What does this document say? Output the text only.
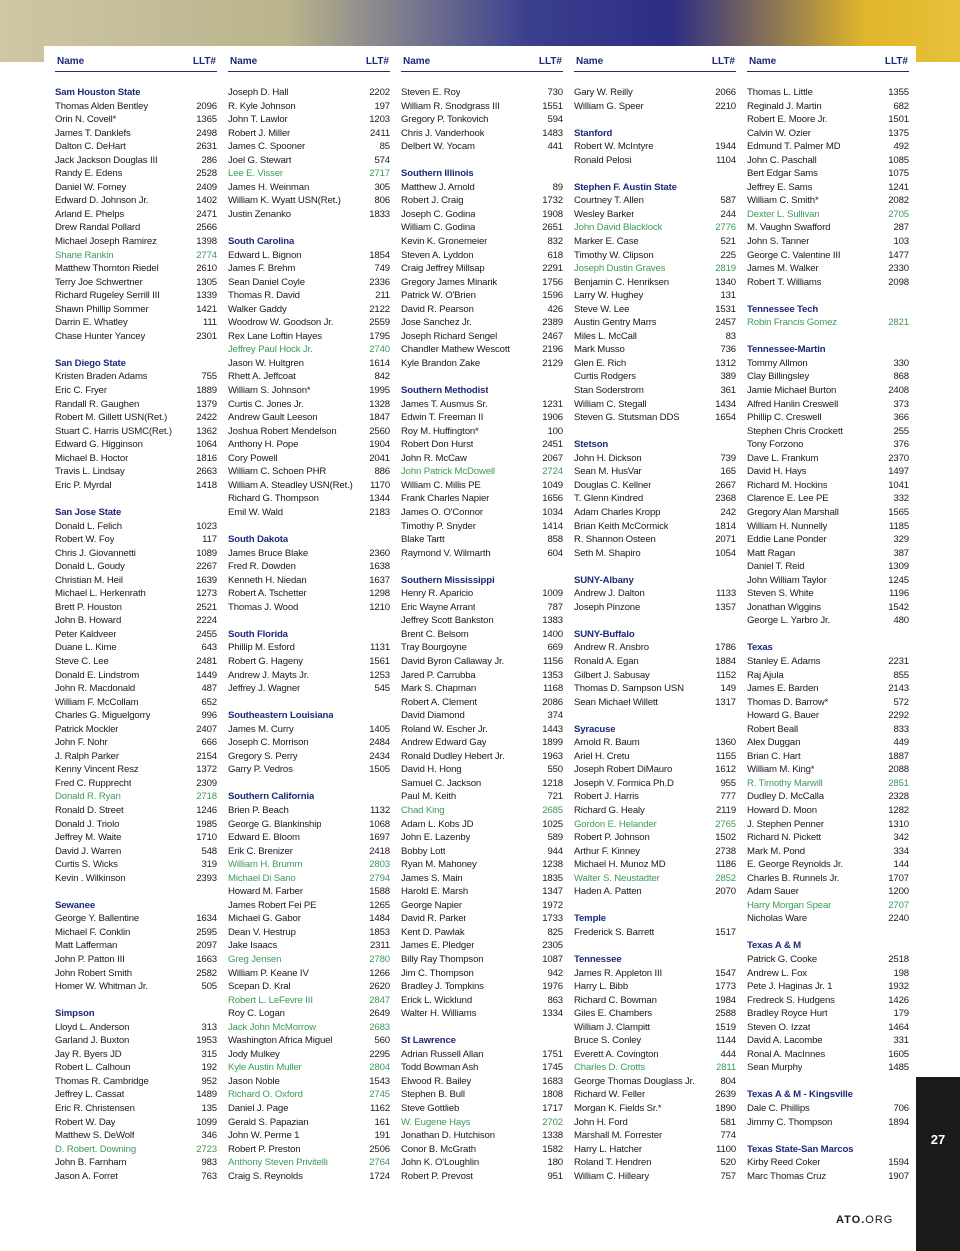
Name	LLT#
Sam Houston State
Thomas Alden Bentley	2096
Orin N. Covell*	1365
James T. Danklefs	2498
Dalton C. DeHart	2631
Jack Jackson Douglas III	286
Randy E. Edens	2528
Daniel W. Forney	2409
Edward D. Johnson Jr.	1402
Arland E. Phelps	2471
Drew Randal Pollard	2566
Michael Joseph Ramirez	1398
Shane Rankin	2774
Matthew Thornton Riedel	2610
Terry Joe Schwertner	1305
Richard Rugeley Serrill III	1339
Shawn Phillip Sommer	1421
Darrin E. Whatley	111
Chase Hunter Yancey	2301
San Diego State
Kristen Braden Adams	755
Eric C. Fryer	1889
Randall R. Gaughen	1379
Robert M. Gillett USN(Ret.)	2422
Stuart C. Harris USMC(Ret.)	1362
Edward G. Higginson	1064
Michael B. Hoctor	1816
Travis L. Lindsay	2663
Eric P. Myrdal	1418
San Jose State
Donald L. Felich	1023
Robert W. Foy	117
Chris J. Giovannetti	1089
Donald L. Goudy	2267
Christian M. Heil	1639
Michael L. Herkenrath	1273
Brett P. Houston	2521
John B. Howard	2224
Peter Kaldveer	2455
Duane L. Kime	643
Steve C. Lee	2481
Donald E. Lindstrom	1449
John R. Macdonald	487
William F. McCollam	652
Charles G. Miguelgorry	996
Patrick Mockler	2407
John F. Nohr	666
J. Ralph Parker	2154
Kenny Vincent Resz	1372
Fred C. Rupprecht	2309
Donald R. Ryan	2718
Ronald D. Street	1246
Donald J. Triolo	1985
Jeffrey M. Waite	1710
David J. Warren	548
Curtis S. Wicks	319
Kevin . Wilkinson	2393
Sewanee
George Y. Ballentine	1634
Michael F. Conklin	2595
Matt Lafferman	2097
John P. Patton III	1663
John Robert Smith	2582
Homer W. Whitman Jr.	505
Simpson
Lloyd L. Anderson	313
Garland J. Buxton	1953
Jay R. Byers JD	315
Robert L. Calhoun	192
Thomas R. Cambridge	952
Jeffrey L. Cassat	1489
Eric R. Christensen	135
Robert W. Day	1099
Matthew S. DeWolf	346
D. Robert. Downing	2723
John B. Farnham	983
Jason A. Forret	763
Name	LLT#
Joseph D. Hall	2202
R. Kyle Johnson	197
John T. Lawlor	1203
Robert J. Miller	2411
James C. Spooner	85
Joel G. Stewart	574
Lee E. Visser	2717
James H. Weinman	305
William K. Wyatt USN(Ret.)	806
Justin Zenanko	1833
South Carolina
Edward L. Bignon	1854
James F. Brehm	749
Sean Daniel Coyle	2336
Thomas R. David	211
Walker Gaddy	2122
Woodrow W. Goodson Jr.	2559
Rex Lane Loftin Hayes	1795
Jeffrey Paul Hock Jr.	2740
Jason W. Hultgren	1614
Rhett A. Jeffcoat	842
William S. Johnson*	1995
Curtis C. Jones Jr.	1328
Andrew Gault Leeson	1847
Joshua Robert Mendelson	2560
Anthony H. Pope	1904
Cory Powell	2041
William C. Schoen PHR	886
William A. Steadley USN(Ret.)	1170
Richard G. Thompson	1344
Emil W. Wald	2183
South Dakota
James Bruce Blake	2360
Fred R. Dowden	1638
Kenneth H. Niedan	1637
Robert A. Tschetter	1298
Thomas J. Wood	1210
South Florida
Phillip M. Esford	1131
Robert G. Hageny	1561
Andrew J. Mayts Jr.	1253
Jeffrey J. Wagner	545
Southeastern Louisiana
James M. Curry	1405
Joseph C. Morrison	2484
Gregory S. Perry	2434
Garry P. Vedros	1505
Southern California
Brien P. Beach	1132
George G. Blankinship	1068
Edward E. Bloom	1697
Erik C. Brenizer	2418
William H. Brumm	2803
Michael Di Sano	2794
Howard M. Farber	1588
James Robert Fei PE	1265
Michael G. Gabor	1484
Dean V. Hestrup	1853
Jake Isaacs	2311
Greg Jensen	2780
William P. Keane IV	1266
Scepan D. Kral	2620
Robert L. LeFevre III	2847
Roy C. Logan	2649
Jack John McMorrow	2683
Washington Africa Miguel	560
Jody Mulkey	2295
Kyle Austin Muller	2804
Jason Noble	1543
Richard O. Oxford	2745
Daniel J. Page	1162
Gerald S. Papazian	161
John W. Perme 1	191
Robert P. Preston	2506
Anthony Steven Privitelli	2764
Craig S. Reynolds	1724
Name	LLT#
Steven E. Roy	730
William R. Snodgrass III	1551
Gregory P. Tonkovich	594
Chris J. Vanderhook	1483
Delbert W. Yocam	441
Southern Illinois
Matthew J. Arnold	89
Robert J. Craig	1732
Joseph C. Godina	1908
William C. Godina	2651
Kevin K. Gronemeier	832
Steven A. Lyddon	618
Craig Jeffrey Millsap	2291
Gregory James Minarik	1756
Patrick W. O'Brien	1596
David R. Pearson	426
Jose Sanchez Jr.	2389
Joseph Richard Sengel	2467
Chandler Mathew Wescott	2196
Kyle Brandon Zake	2129
Southern Methodist
James T. Ausmus Sr.	1231
Edwin T. Freeman II	1906
Roy M. Huffington*	100
Robert Don Hurst	2451
John R. McCaw	2067
John Patrick McDowell	2724
William C. Millis PE	1049
Frank Charles Napier	1656
James O. O'Connor	1034
Timothy P. Snyder	1414
Blake Tartt	858
Raymond V. Wilmarth	604
Southern Mississippi
Henry R. Aparicio	1009
Eric Wayne Arrant	787
Jeffrey Scott Bankston	1383
Brent C. Belsom	1400
Tray Bourgoyne	669
David Byron Callaway Jr.	1156
Jared P. Carrubba	1353
Mark S. Chapman	1168
Robert A. Clement	2086
David Diamond	374
Roland W. Escher Jr.	1443
Andrew Edward Gay	1899
Ronald Dudley Hebert Jr.	1963
David H. Hong	550
Samuel C. Jackson	1218
Paul M. Keith	721
Chad King	2685
Adam L. Kobs JD	1025
John E. Lazenby	589
Bobby Lott	944
Ryan M. Mahoney	1238
James S. Main	1835
Harold E. Marsh	1347
George Napier	1972
David R. Parker	1733
Kent D. Pawlak	825
James E. Pledger	2305
Billy Ray Thompson	1087
Jim C. Thompson	942
Bradley J. Tompkins	1976
Erick L. Wicklund	863
Walter H. Williams	1334
St Lawrence
Adrian Russell Allan	1751
Todd Bowman Ash	1745
Elwood R. Bailey	1683
Stephen B. Bull	1808
Steve Gottlieb	1717
W. Eugene Hays	2702
Jonathan D. Hutchison	1338
Conor B. McGrath	1582
John K. O'Loughlin	180
Robert P. Prevost	951
Name	LLT#
Gary W. Reilly	2066
William G. Speer	2210
Stanford
Robert W. McIntyre	1944
Ronald Pelosi	1104
Stephen F. Austin State
Courtney T. Allen	587
Wesley Barker	244
John David Blacklock	2776
Marker E. Case	521
Timothy W. Clipson	225
Joseph Dustin Graves	2819
Benjamin C. Henriksen	1340
Larry W. Hughey	131
Steve W. Lee	1531
Austin Gentry Marrs	2457
Miles L. McCall	83
Mark Musso	736
Glen E. Rich	1312
Curtis Rodgers	389
Stan Soderstrom	361
William C. Stegall	1434
Steven G. Stutsman DDS	1654
Stetson
John H. Dickson	739
Sean M. HusVar	165
Douglas C. Kellner	2667
T. Glenn Kindred	2368
Adam Charles Kropp	242
Brian Keith McCormick	1814
R. Shannon Osteen	2071
Seth M. Shapiro	1054
SUNY-Albany
Andrew J. Dalton	1133
Joseph Pinzone	1357
SUNY-Buffalo
Andrew R. Ansbro	1786
Ronald A. Egan	1884
Gilbert J. Sabusay	1152
Thomas D. Sampson USN	149
Sean Michael Willett	1317
Syracuse
Arnold R. Baum	1360
Ariel H. Cretu	1155
Joseph Robert DiMauro	1612
Joseph V. Formica Ph.D	955
Robert J. Harris	777
Richard G. Healy	2119
Gordon E. Helander	2765
Robert P. Johnson	1502
Arthur F. Kinney	2738
Michael H. Munoz MD	1186
Walter S. Neustadter	2852
Haden A. Patten	2070
Temple
Frederick S. Barrett	1517
Tennessee
James R. Appleton III	1547
Harry L. Bibb	1773
Richard C. Bowman	1984
Giles E. Chambers	2588
William J. Clampitt	1519
Bruce S. Conley	1144
Everett A. Covington	444
Charles D. Crotts	2811
George Thomas Douglass Jr.	804
Richard W. Feller	2639
Morgan K. Fields Sr.*	1890
John H. Ford	581
Marshall M. Forrester	774
Harry L. Hatcher	1100
Roland T. Hendren	520
William C. Hilleary	757
Name	LLT#
Thomas L. Little	1355
Reginald J. Martin	682
Robert E. Moore Jr.	1501
Calvin W. Ozier	1375
Edmund T. Palmer MD	492
John C. Paschall	1085
Bert Edgar Sams	1075
Jeffrey E. Sams	1241
William C. Smith*	2082
Dexter L. Sullivan	2705
M. Vaughn Swafford	287
John S. Tanner	103
George C. Valentine III	1477
James M. Walker	2330
Robert T. Williams	2098
Tennessee Tech
Robin Francis Gomez	2821
Tennessee-Martin
Tommy Allmon	330
Clay Billingsley	868
Jamie Michael Burton	2408
Alfred Hanlin Creswell	373
Phillip C. Creswell	366
Stephen Chris Crockett	255
Tony Forzono	376
Dave L. Frankum	2370
David H. Hays	1497
Richard M. Hockins	1041
Clarence E. Lee PE	332
Gregory Alan Marshall	1565
William H. Nunnelly	1185
Eddie Lane Ponder	329
Matt Ragan	387
Daniel T. Reid	1309
John William Taylor	1245
Steven S. White	1196
Jonathan Wiggins	1542
George L. Yarbro Jr.	480
Texas
Stanley E. Adams	2231
Raj Ajula	855
James E. Barden	2143
Thomas D. Barrow*	572
Howard G. Bauer	2292
Robert Beall	833
Alex Duggan	449
Brian C. Hart	1887
William M. King*	2088
R. Timothy Marwill	2851
Dudley D. McCalla	2328
Howard D. Moon	1282
J. Stephen Penner	1310
Richard N. Pickett	342
Mark M. Pond	334
E. George Reynolds Jr.	144
Charles B. Runnels Jr.	1707
Adam Sauer	1200
Harry Morgan Spear	2707
Nicholas Ware	2240
Texas A & M
Patrick G. Cooke	2518
Andrew L. Fox	198
Pete J. Haginas Jr. 1	1932
Fredreck S. Hudgens	1426
Bradley Royce Hurt	179
Steven O. Izzat	1464
David A. Lacombe	331
Ronal A. MacInnes	1605
Sean Murphy	1485
Texas A & M - Kingsville
Dale C. Phillips	706
Jimmy C. Thompson	1894
Texas State-San Marcos
Kirby Reed Coker	1594
Marc Thomas Cruz	1907
27
ATO.ORG
